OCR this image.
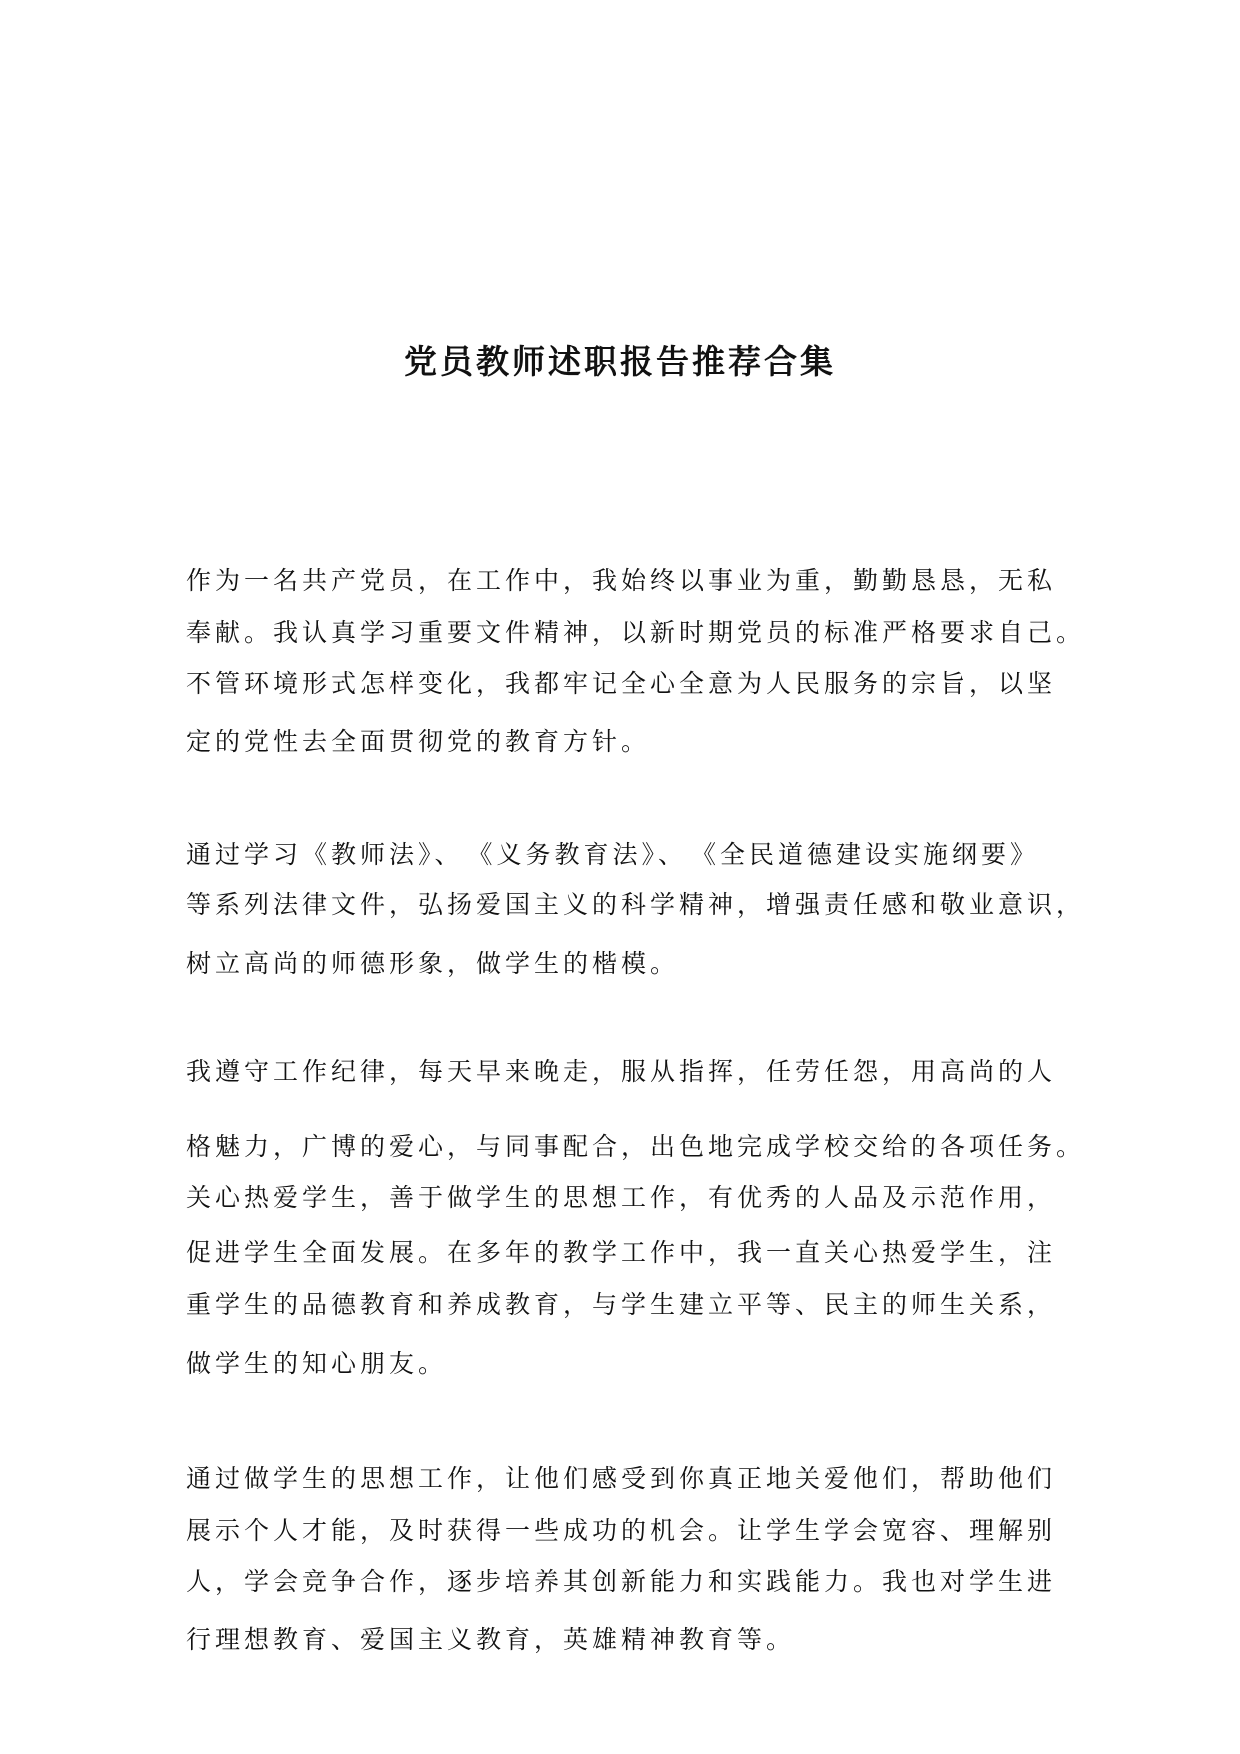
党员教师述职报告推荐合集
作为一名共产党员，在工作中，我始终以事业为重，勤勤恳恳，无私
奉献。我认真学习重要文件精神，以新时期党员的标准严格要求自己。
不管环境形式怎样变化，我都牢记全心全意为人民服务的宗旨，以坚
定的党性去全面贯彻党的教育方针。
通过学习《教师法》、　《义务教育法》、　《全民道德建设实施纲要》
等系列法律文件，弘扬爱国主义的科学精神，增强责任感和敬业意识，
树立高尚的师德形象，做学生的楷模。
我遵守工作纪律，每天早来晚走，服从指挥，任劳任怨，用高尚的人
格魅力，广博的爱心，与同事配合，出色地完成学校交给的各项任务。
关心热爱学生，善于做学生的思想工作，有优秀的人品及示范作用，
促进学生全面发展。在多年的教学工作中，我一直关心热爱学生，注
重学生的品德教育和养成教育，与学生建立平等、民主的师生关系，
做学生的知心朋友。
通过做学生的思想工作，让他们感受到你真正地关爱他们，帮助他们
展示个人才能，及时获得一些成功的机会。让学生学会宽容、理解别
人，学会竞争合作，逐步培养其创新能力和实践能力。我也对学生进
行理想教育、爱国主义教育，英雄精神教育等。
